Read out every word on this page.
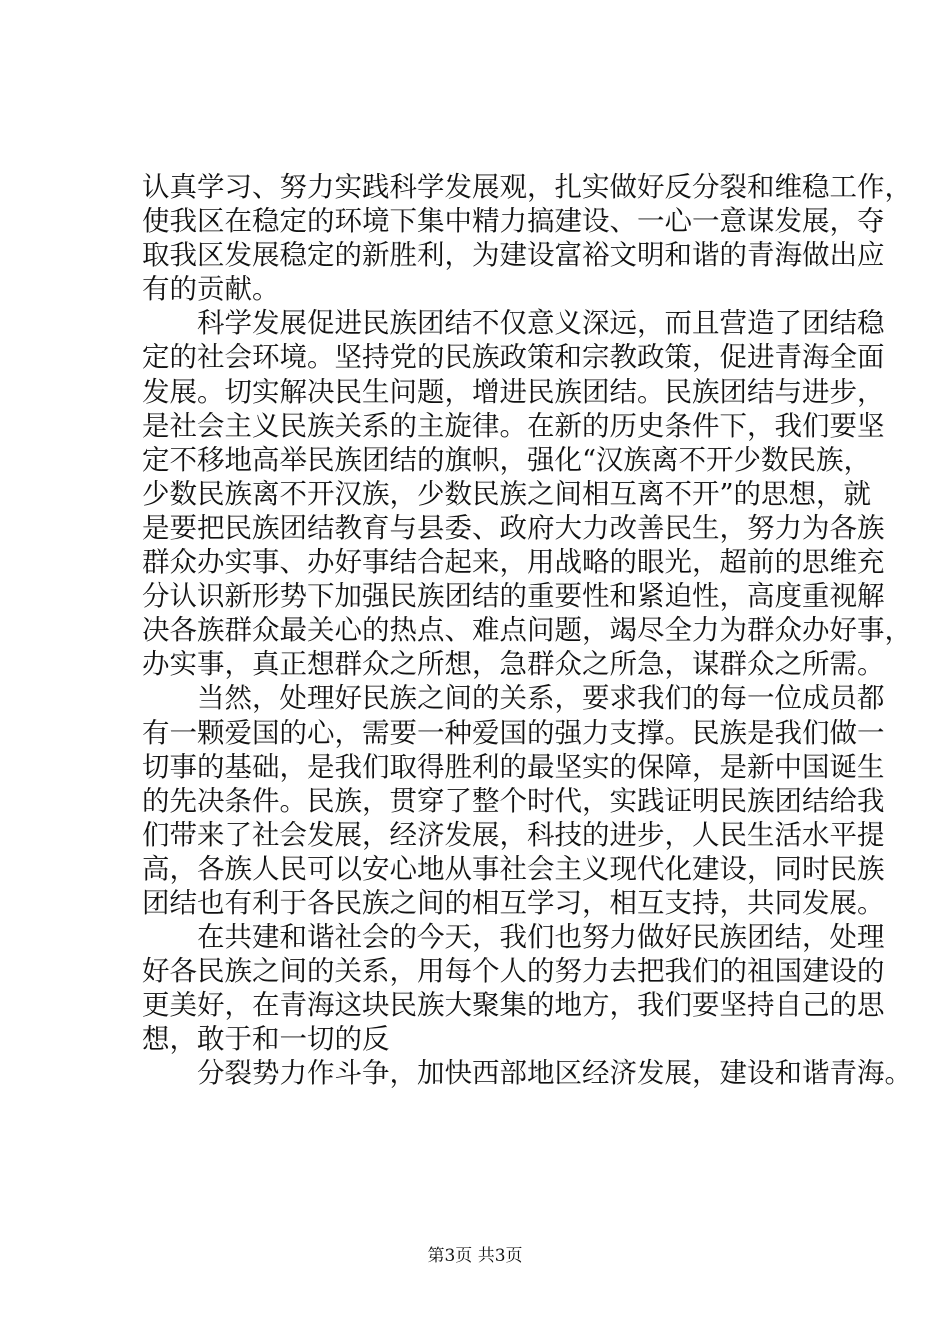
认真学习、努力实践科学发展观，扎实做好反分裂和维稳工作，
使我区在稳定的环境下集中精力搞建设、一心一意谋发展，夺
取我区发展稳定的新胜利，为建设富裕文明和谐的青海做出应
有的贡献。
科学发展促进民族团结不仅意义深远，而且营造了团结稳
定的社会环境。坚持党的民族政策和宗教政策，促进青海全面
发展。切实解决民生问题，增进民族团结。民族团结与进步，
是社会主义民族关系的主旋律。在新的历史条件下，我们要坚
定不移地高举民族团结的旗帜，强化“汉族离不开少数民族，
少数民族离不开汉族，少数民族之间相互离不开”的思想，就
是要把民族团结教育与县委、政府大力改善民生，努力为各族
群众办实事、办好事结合起来，用战略的眼光，超前的思维充
分认识新形势下加强民族团结的重要性和紧迫性，高度重视解
决各族群众最关心的热点、难点问题，竭尽全力为群众办好事，
办实事，真正想群众之所想，急群众之所急，谋群众之所需。
当然，处理好民族之间的关系，要求我们的每一位成员都
有一颗爱国的心，需要一种爱国的强力支撑。民族是我们做一
切事的基础，是我们取得胜利的最坚实的保障，是新中国诞生
的先决条件。民族，贯穿了整个时代，实践证明民族团结给我
们带来了社会发展，经济发展，科技的进步，人民生活水平提
高，各族人民可以安心地从事社会主义现代化建设，同时民族
团结也有利于各民族之间的相互学习，相互支持，共同发展。
在共建和谐社会的今天，我们也努力做好民族团结，处理
好各民族之间的关系，用每个人的努力去把我们的祖国建设的
更美好，在青海这块民族大聚集的地方，我们要坚持自己的思
想，敢于和一切的反
分裂势力作斗争，加快西部地区经济发展，建设和谐青海。
第3页 共3页
